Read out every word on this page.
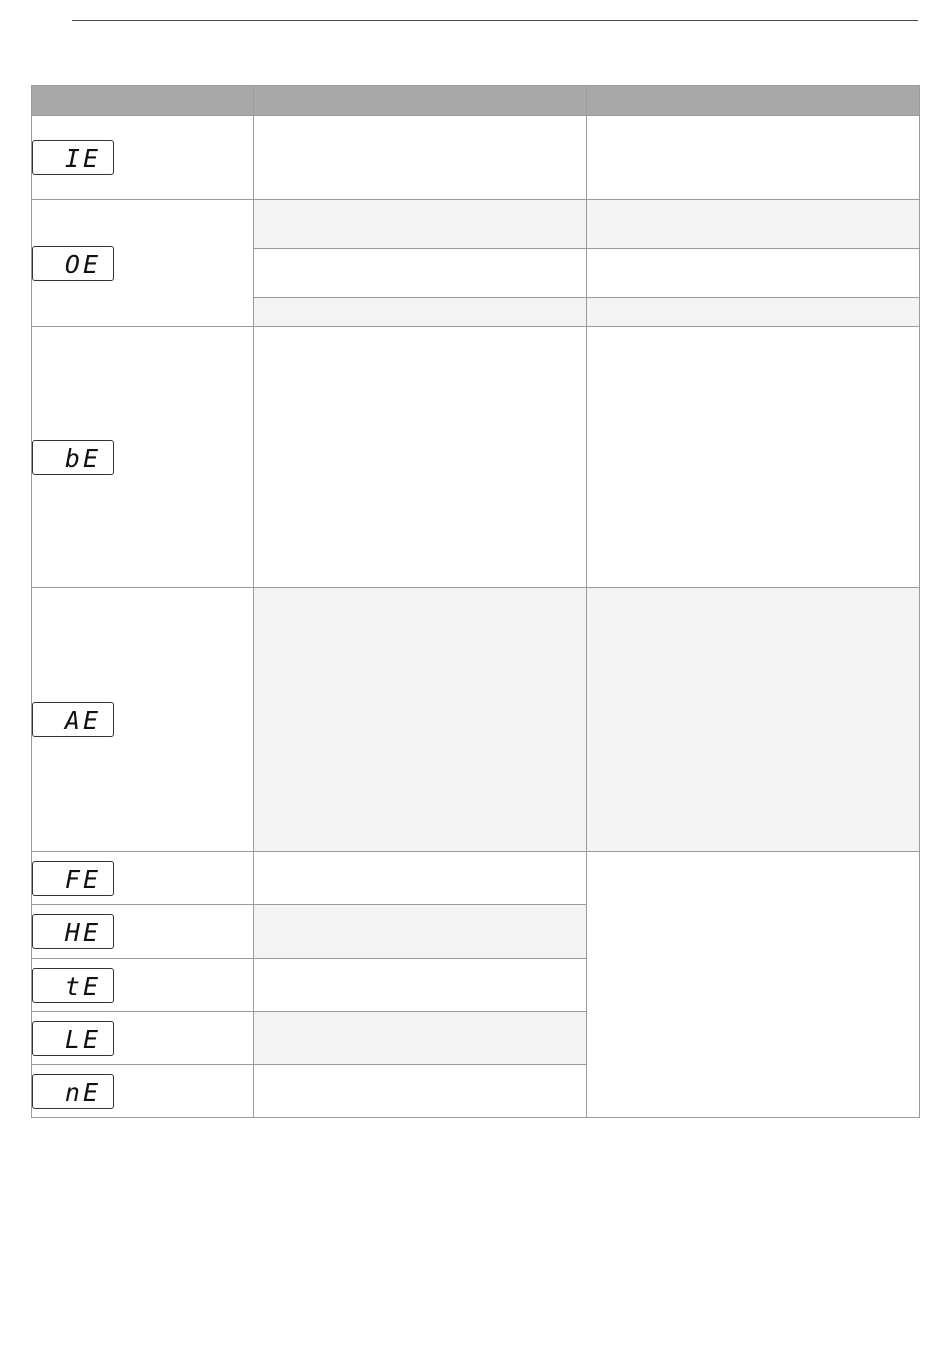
IE		

OE		

bE		

AE		

FE		

HE		

tE		

LE		

nE		
